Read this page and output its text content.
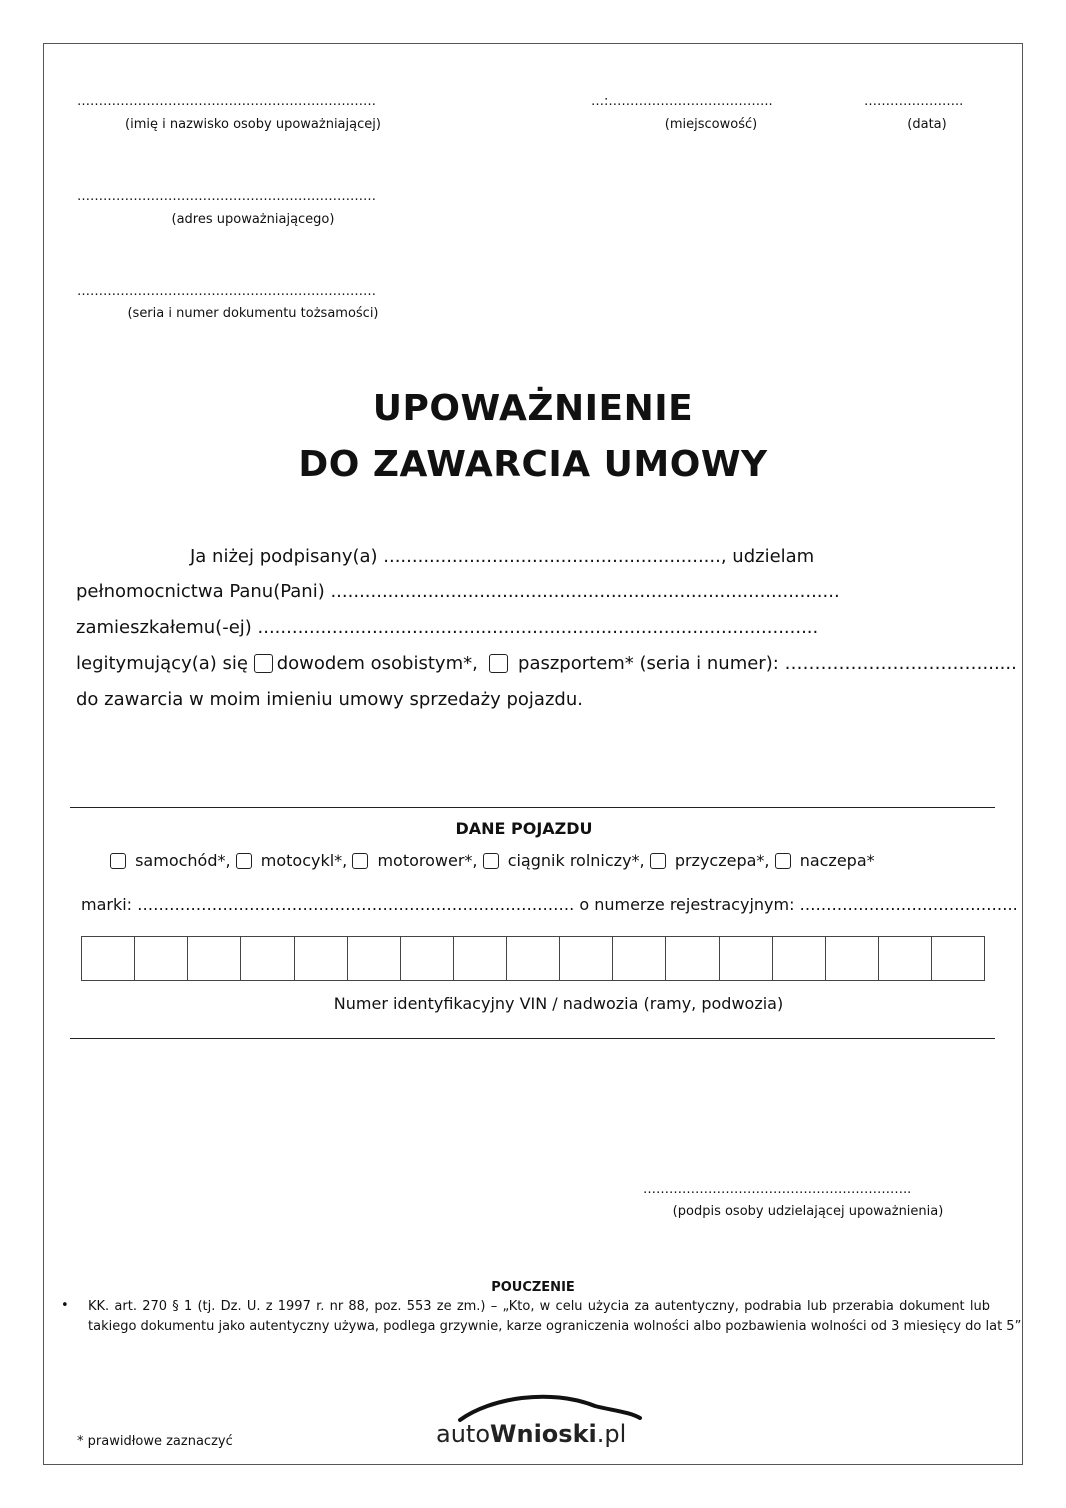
……………………………………………………………
(imię i nazwisko osoby upoważniającej)
…:………………………………..
(miejscowość)
…………………..
(data)
……………………………………………………………
(adres upoważniającego)
……………………………………………………………
(seria i numer dokumentu tożsamości)
UPOWAŻNIENIE
DO ZAWARCIA UMOWY
Ja niżej podpisany(a) ..........................................................., udzielam
pełnomocnictwa Panu(Pani) .........................................................................................
zamieszkałemu(-ej) ..................................................................................................
legitymujący(a) się dowodem osobistym*, paszportem* (seria i numer): ……………………………......
do zawarcia w moim imieniu umowy sprzedaży pojazdu.
DANE POJAZDU
samochód*, motocykl*, motorower*, ciągnik rolniczy*, przyczepa*, naczepa*
marki: ………………………………………………………………………. o numerze rejestracyjnym: …………………………………..
Numer identyfikacyjny VIN / nadwozia (ramy, podwozia)
……………………………………………………..
(podpis osoby udzielającej upoważnienia)
POUCZENIE
• KK. art. 270 § 1 (tj. Dz. U. z 1997 r. nr 88, poz. 553 ze zm.) – „Kto, w celu użycia za autentyczny, podrabia lub przerabia dokument lub
takiego dokumentu jako autentyczny używa, podlega grzywnie, karze ograniczenia wolności albo pozbawienia wolności od 3 miesięcy do lat 5”
* prawidłowe zaznaczyć	autoWnioski.pl
